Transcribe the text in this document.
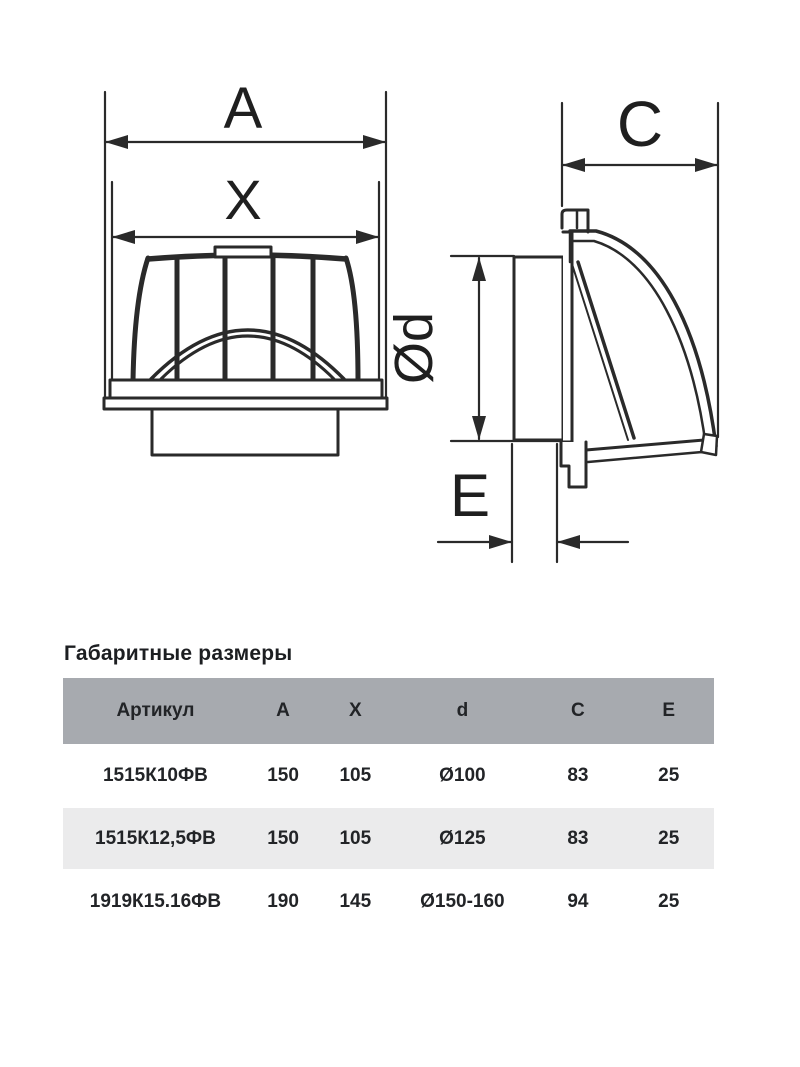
A
X
C
Ød
E
Габаритные размеры
Артикул	A	X	d	C	E
1515К10ФВ	150	105	Ø100	83	25
1515К12,5ФВ	150	105	Ø125	83	25
1919К15.16ФВ	190	145	Ø150-160	94	25
